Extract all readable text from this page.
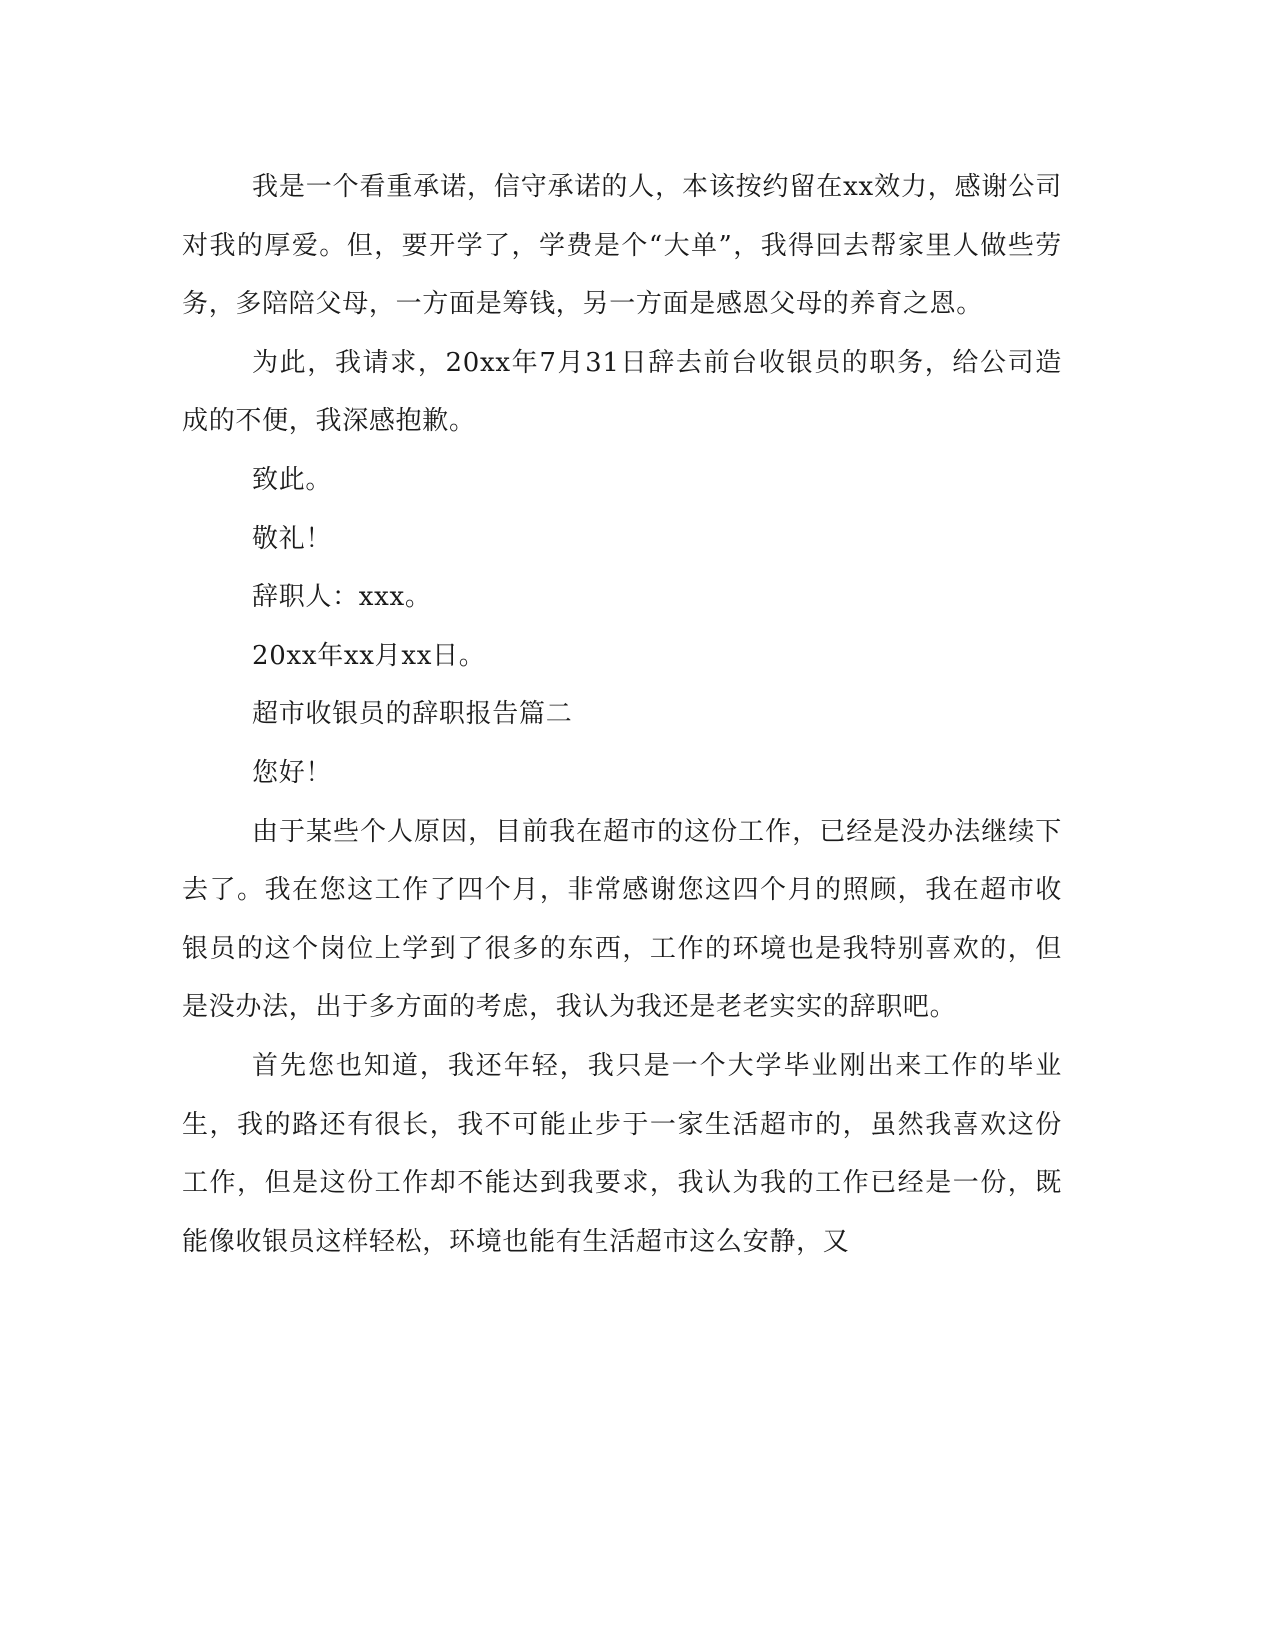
我是一个看重承诺，信守承诺的人，本该按约留在xx效力，感谢公司对我的厚爱。但，要开学了，学费是个“大单”，我得回去帮家里人做些劳务，多陪陪父母，一方面是筹钱，另一方面是感恩父母的养育之恩。

为此，我请求，20xx年7月31日辞去前台收银员的职务，给公司造成的不便，我深感抱歉。

致此。

敬礼！

辞职人：xxx。

20xx年xx月xx日。

超市收银员的辞职报告篇二

您好！

由于某些个人原因，目前我在超市的这份工作，已经是没办法继续下去了。我在您这工作了四个月，非常感谢您这四个月的照顾，我在超市收银员的这个岗位上学到了很多的东西，工作的环境也是我特别喜欢的，但是没办法，出于多方面的考虑，我认为我还是老老实实的辞职吧。

首先您也知道，我还年轻，我只是一个大学毕业刚出来工作的毕业生，我的路还有很长，我不可能止步于一家生活超市的，虽然我喜欢这份工作，但是这份工作却不能达到我要求，我认为我的工作已经是一份，既能像收银员这样轻松，环境也能有生活超市这么安静，又
